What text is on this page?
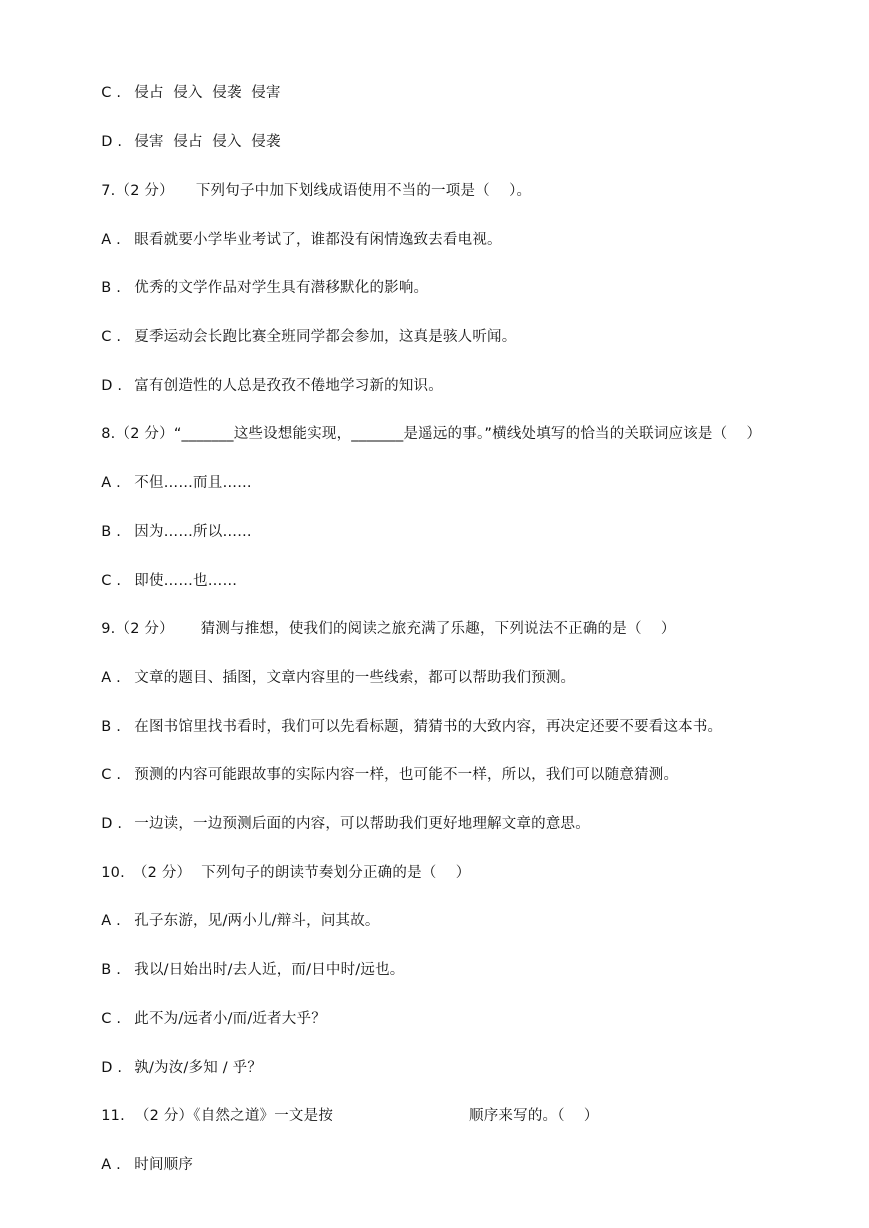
C . 侵占  侵入  侵袭  侵害

D . 侵害  侵占  侵入  侵袭

7.（2 分） 下列句子中加下划线成语使用不当的一项是（    ）。

A . 眼看就要小学毕业考试了，谁都没有闲情逸致去看电视。

B . 优秀的文学作品对学生具有潜移默化的影响。

C . 夏季运动会长跑比赛全班同学都会参加，这真是骇人听闻。

D . 富有创造性的人总是孜孜不倦地学习新的知识。

8.（2 分）“_______这些设想能实现，_______是遥远的事。”横线处填写的恰当的关联词应该是（    ）

A . 不但……而且……

B . 因为……所以……

C . 即使……也……

9.（2 分） 猜测与推想，使我们的阅读之旅充满了乐趣，下列说法不正确的是（    ）

A . 文章的题目、插图，文章内容里的一些线索，都可以帮助我们预测。

B . 在图书馆里找书看时，我们可以先看标题，猜猜书的大致内容，再决定还要不要看这本书。

C . 预测的内容可能跟故事的实际内容一样，也可能不一样，所以，我们可以随意猜测。

D . 一边读，一边预测后面的内容，可以帮助我们更好地理解文章的意思。

10. （2 分） 下列句子的朗读节奏划分正确的是（    ）

A . 孔子东游，见/两小儿/辩斗，问其故。

B . 我以/日始出时/去人近，而/日中时/远也。

C . 此不为/远者小/而/近者大乎？

D . 孰/为汝/多知 / 乎？

11. （2 分）《自然之道》一文是按	顺序来写的。（    ）

A . 时间顺序
